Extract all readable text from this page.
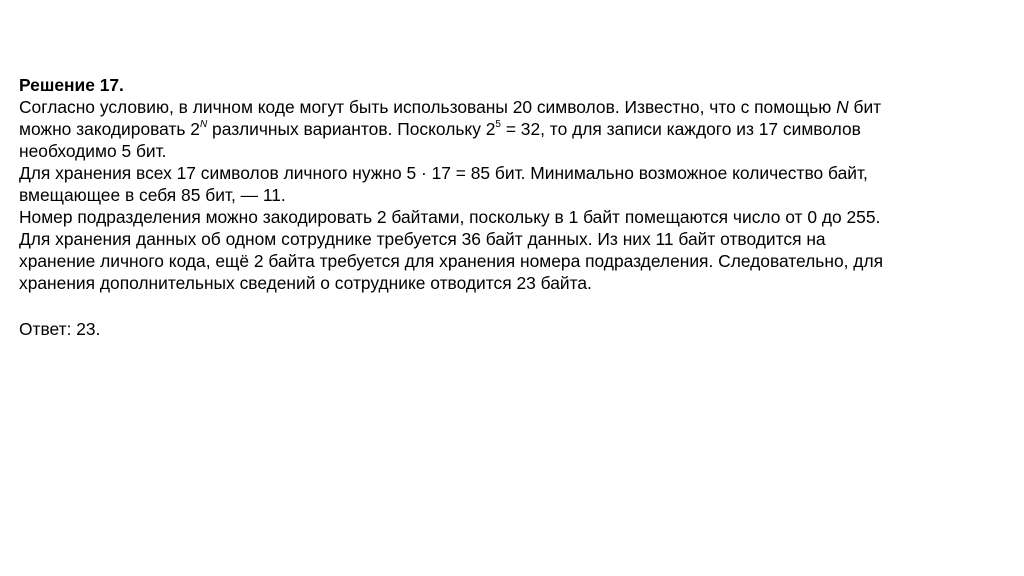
Решение 17.
Согласно условию, в личном коде могут быть использованы 20 символов. Известно, что с помощью N бит
можно закодировать $2^N$ различных вариантов. Поскольку $2^5 = 32$, то для записи каждого из 17 символов
необходимо 5 бит.
Для хранения всех 17 символов личного нужно 5 · 17 = 85 бит. Минимально возможное количество байт,
вмещающее в себя 85 бит, — 11.
Номер подразделения можно закодировать 2 байтами, поскольку в 1 байт помещаются число от 0 до 255.
Для хранения данных об одном сотруднике требуется 36 байт данных. Из них 11 байт отводится на
хранение личного кода, ещё 2 байта требуется для хранения номера подразделения. Следовательно, для
хранения дополнительных сведений о сотруднике отводится 23 байта.
Ответ: 23.
